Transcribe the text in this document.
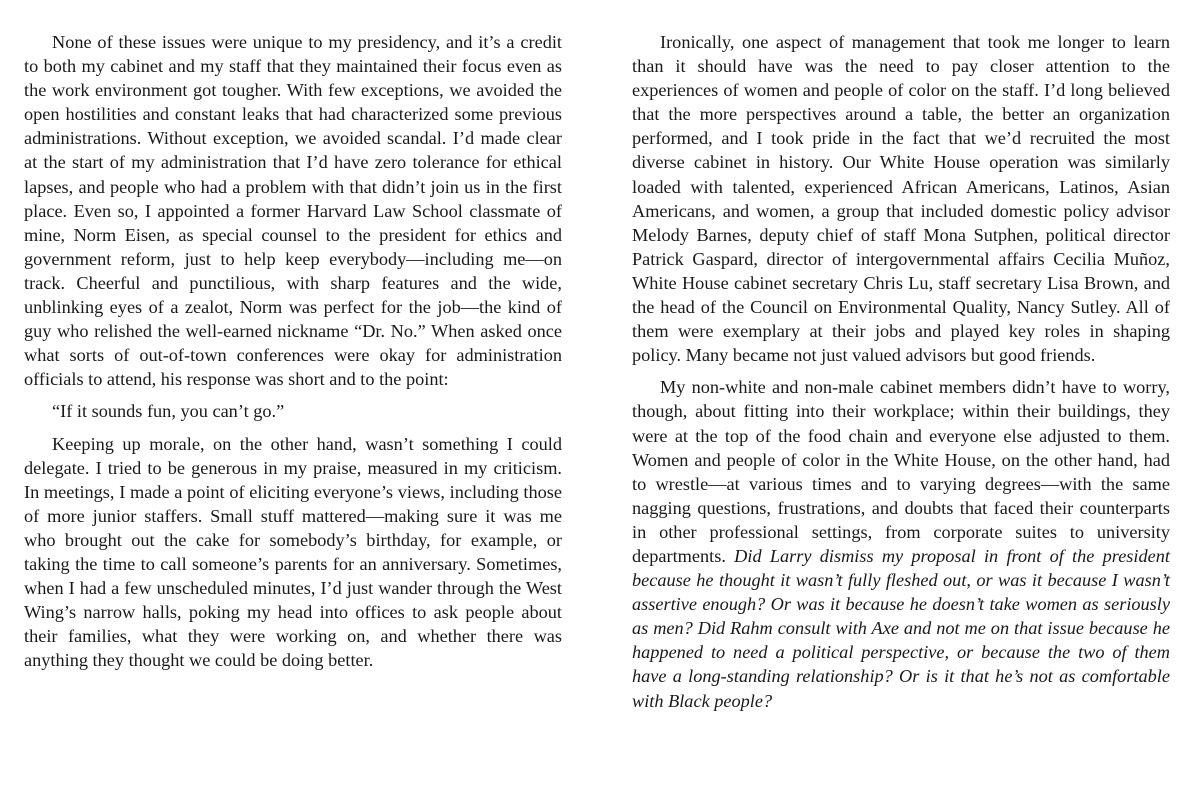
None of these issues were unique to my presidency, and it’s a credit to both my cabinet and my staff that they maintained their focus even as the work environment got tougher. With few exceptions, we avoided the open hostilities and constant leaks that had characterized some previous administrations. Without exception, we avoided scandal. I’d made clear at the start of my administration that I’d have zero tolerance for ethical lapses, and people who had a problem with that didn’t join us in the first place. Even so, I appointed a former Harvard Law School classmate of mine, Norm Eisen, as special counsel to the president for ethics and government reform, just to help keep everybody—including me—on track. Cheerful and punctilious, with sharp features and the wide, unblinking eyes of a zealot, Norm was perfect for the job—the kind of guy who relished the well-earned nickname “Dr. No.” When asked once what sorts of out-of-town conferences were okay for administration officials to attend, his response was short and to the point:

“If it sounds fun, you can’t go.”

Keeping up morale, on the other hand, wasn’t something I could delegate. I tried to be generous in my praise, measured in my criticism. In meetings, I made a point of eliciting everyone’s views, including those of more junior staffers. Small stuff mattered—making sure it was me who brought out the cake for somebody’s birthday, for example, or taking the time to call someone’s parents for an anniversary. Sometimes, when I had a few unscheduled minutes, I’d just wander through the West Wing’s narrow halls, poking my head into offices to ask people about their families, what they were working on, and whether there was anything they thought we could be doing better.

Ironically, one aspect of management that took me longer to learn than it should have was the need to pay closer attention to the experiences of women and people of color on the staff. I’d long believed that the more perspectives around a table, the better an organization performed, and I took pride in the fact that we’d recruited the most diverse cabinet in history. Our White House operation was similarly loaded with talented, experienced African Americans, Latinos, Asian Americans, and women, a group that included domestic policy advisor Melody Barnes, deputy chief of staff Mona Sutphen, political director Patrick Gaspard, director of intergovernmental affairs Cecilia Muñoz, White House cabinet secretary Chris Lu, staff secretary Lisa Brown, and the head of the Council on Environmental Quality, Nancy Sutley. All of them were exemplary at their jobs and played key roles in shaping policy. Many became not just valued advisors but good friends.

My non-white and non-male cabinet members didn’t have to worry, though, about fitting into their workplace; within their buildings, they were at the top of the food chain and everyone else adjusted to them. Women and people of color in the White House, on the other hand, had to wrestle—at various times and to varying degrees—with the same nagging questions, frustrations, and doubts that faced their counterparts in other professional settings, from corporate suites to university departments. Did Larry dismiss my proposal in front of the president because he thought it wasn’t fully fleshed out, or was it because I wasn’t assertive enough? Or was it because he doesn’t take women as seriously as men? Did Rahm consult with Axe and not me on that issue because he happened to need a political perspective, or because the two of them have a long-standing relationship? Or is it that he’s not as comfortable with Black people?
